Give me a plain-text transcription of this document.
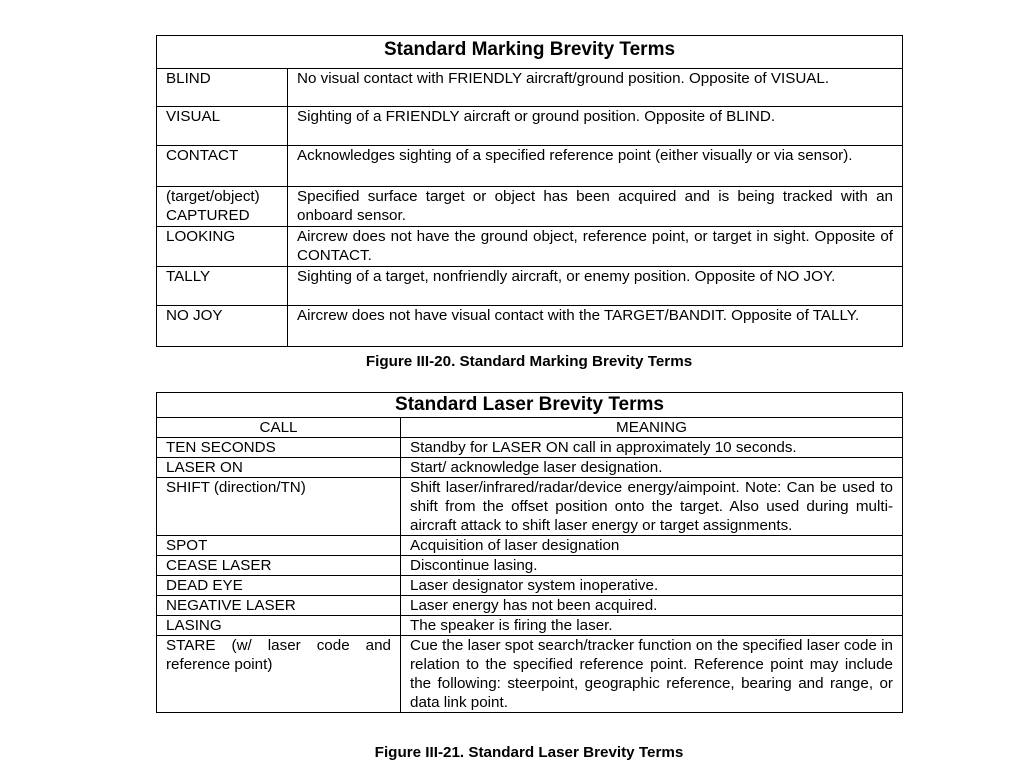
Standard Marking Brevity Terms	
BLIND	No visual contact with FRIENDLY aircraft/ground position. Opposite of VISUAL.
VISUAL	Sighting of a FRIENDLY aircraft or ground position. Opposite of BLIND.
CONTACT	Acknowledges sighting of a specified reference point (either visually or via sensor).
(target/object) CAPTURED	Specified surface target or object has been acquired and is being tracked with an onboard sensor.
LOOKING	Aircrew does not have the ground object, reference point, or target in sight. Opposite of CONTACT.
TALLY	Sighting of a target, nonfriendly aircraft, or enemy position. Opposite of NO JOY.
NO JOY	Aircrew does not have visual contact with the TARGET/BANDIT. Opposite of TALLY.
Figure III-20. Standard Marking Brevity Terms
Standard Laser Brevity Terms	
CALL	MEANING
TEN SECONDS	Standby for LASER ON call in approximately 10 seconds.
LASER ON	Start/ acknowledge laser designation.
SHIFT (direction/TN)	Shift laser/infrared/radar/device energy/aimpoint. Note: Can be used to shift from the offset position onto the target. Also used during multi-aircraft attack to shift laser energy or target assignments.
SPOT	Acquisition of laser designation
CEASE LASER	Discontinue lasing.
DEAD EYE	Laser designator system inoperative.
NEGATIVE LASER	Laser energy has not been acquired.
LASING	The speaker is firing the laser.
STARE (w/ laser code and reference point)	Cue the laser spot search/tracker function on the specified laser code in relation to the specified reference point. Reference point may include the following: steerpoint, geographic reference, bearing and range, or data link point.
Figure III-21. Standard Laser Brevity Terms
